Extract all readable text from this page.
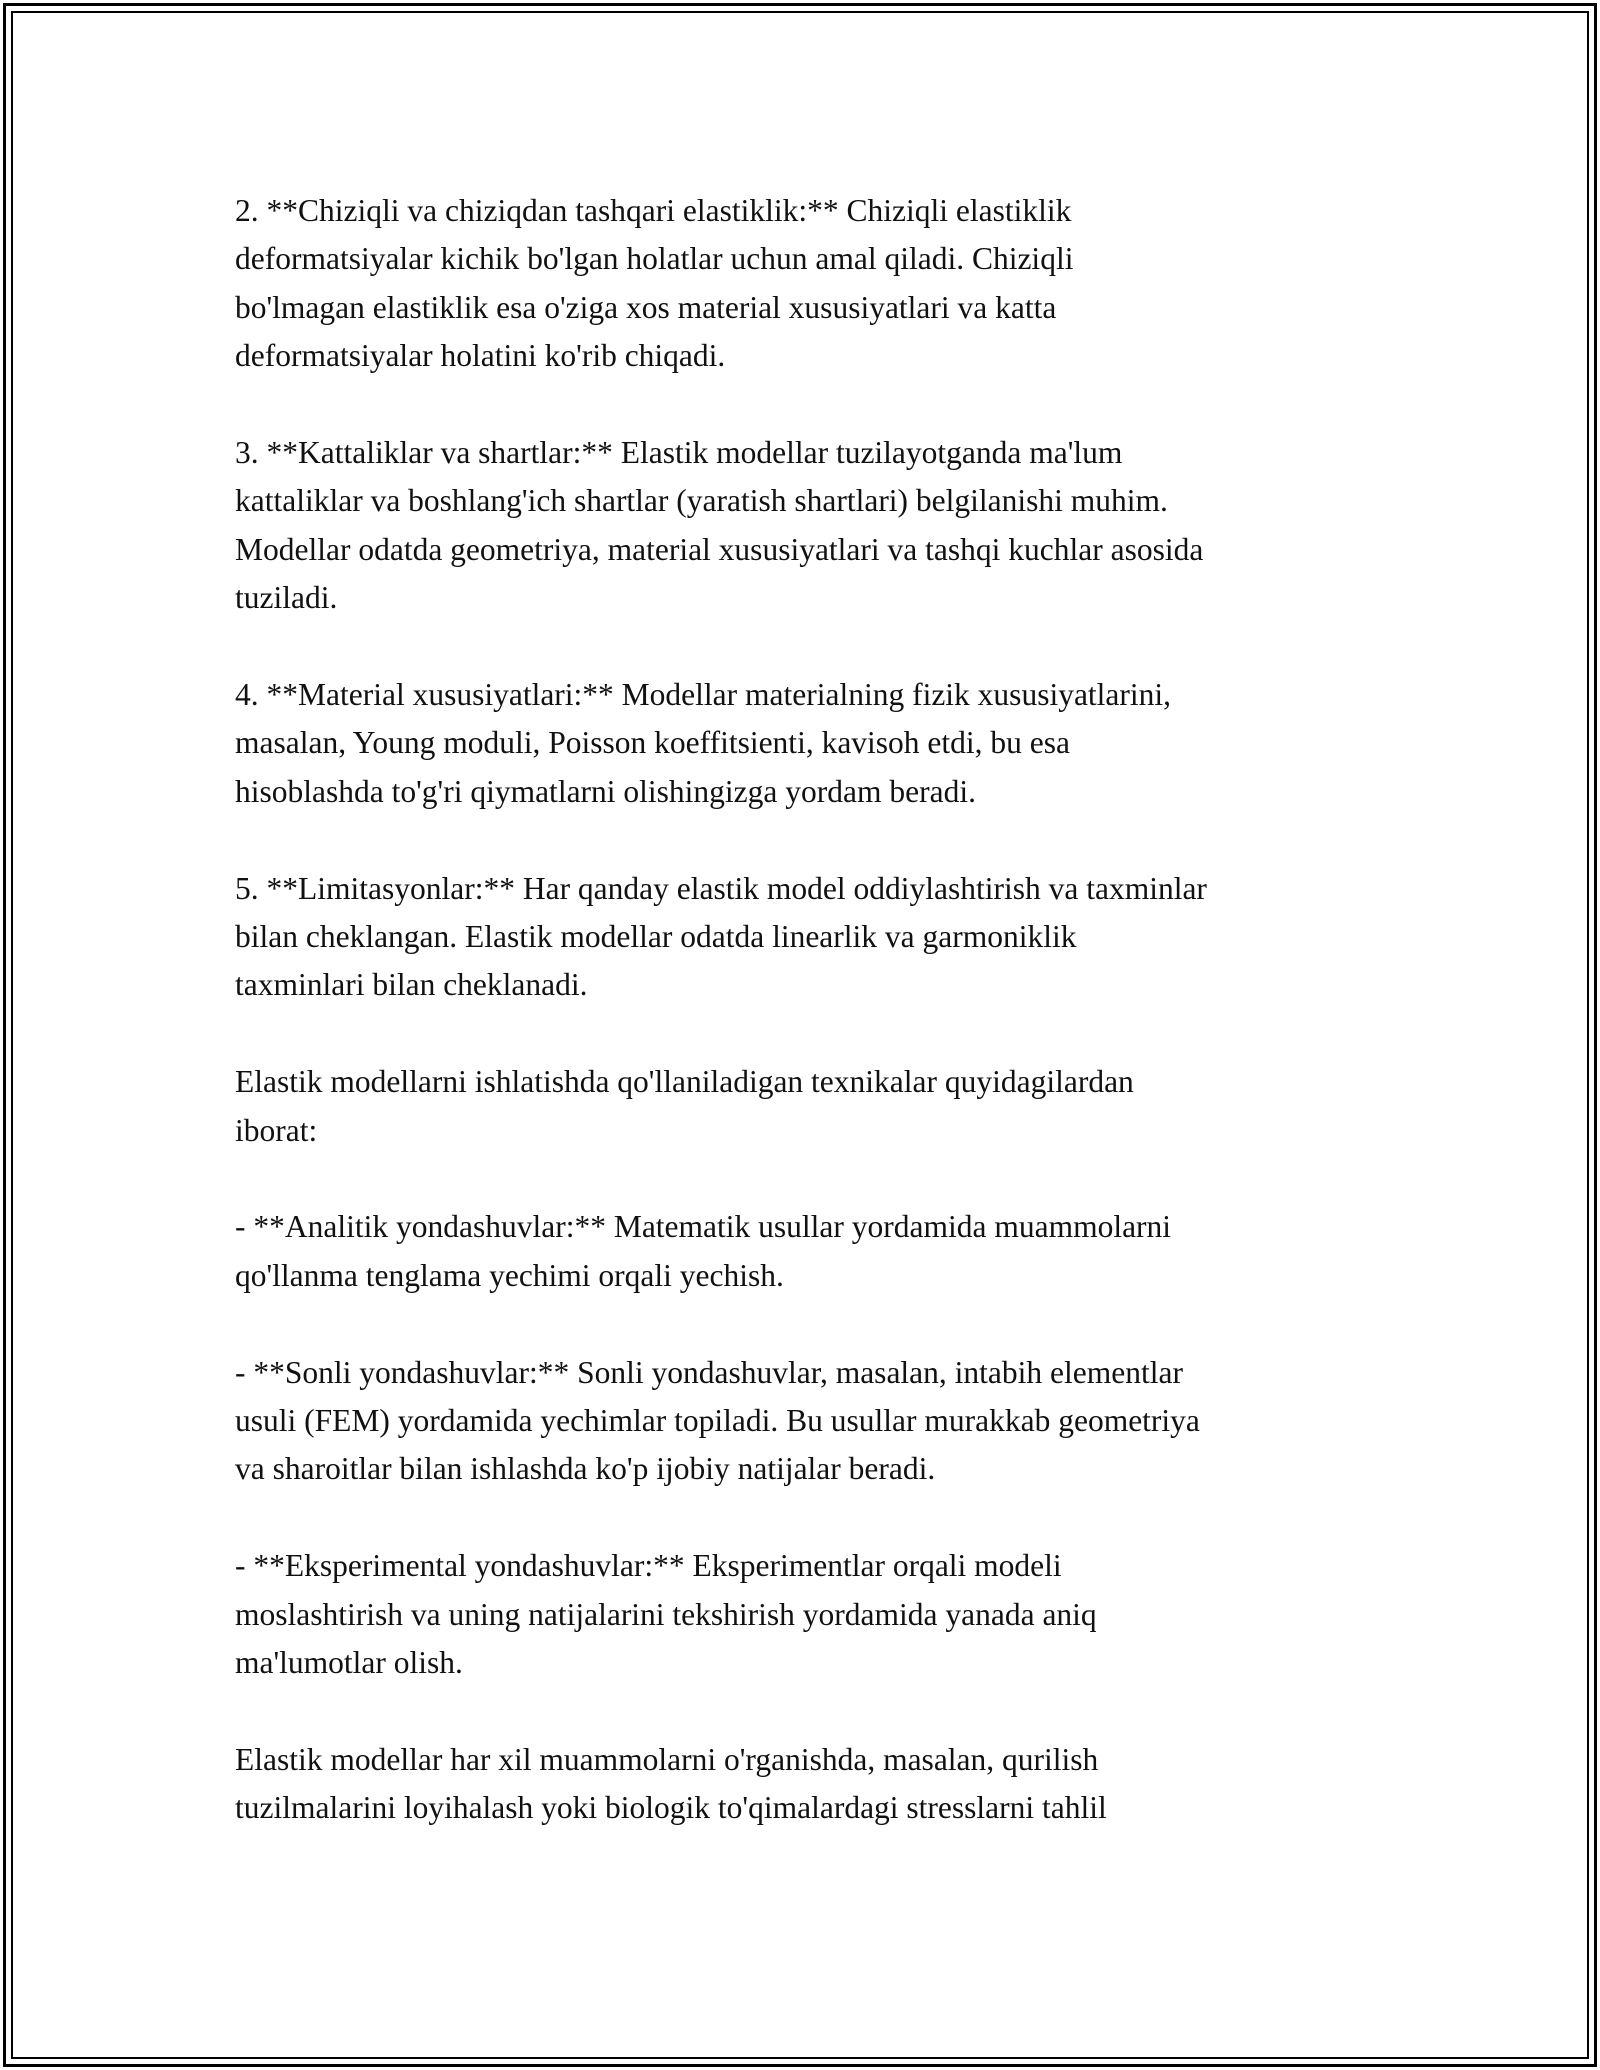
2. **Chiziqli va chiziqdan tashqari elastiklik:** Chiziqli elastiklik
deformatsiyalar kichik bo'lgan holatlar uchun amal qiladi. Chiziqli
bo'lmagan elastiklik esa o'ziga xos material xususiyatlari va katta
deformatsiyalar holatini ko'rib chiqadi.

3. **Kattaliklar va shartlar:** Elastik modellar tuzilayotganda ma'lum
kattaliklar va boshlang'ich shartlar (yaratish shartlari) belgilanishi muhim.
Modellar odatda geometriya, material xususiyatlari va tashqi kuchlar asosida
tuziladi.

4. **Material xususiyatlari:** Modellar materialning fizik xususiyatlarini,
masalan, Young moduli, Poisson koeffitsienti, kavisoh etdi, bu esa
hisoblashda to'g'ri qiymatlarni olishingizga yordam beradi.

5. **Limitasyonlar:** Har qanday elastik model oddiylashtirish va taxminlar
bilan cheklangan. Elastik modellar odatda linearlik va garmoniklik
taxminlari bilan cheklanadi.

Elastik modellarni ishlatishda qo'llaniladigan texnikalar quyidagilardan
iborat:

- **Analitik yondashuvlar:** Matematik usullar yordamida muammolarni
qo'llanma tenglama yechimi orqali yechish.

- **Sonli yondashuvlar:** Sonli yondashuvlar, masalan, intabih elementlar
usuli (FEM) yordamida yechimlar topiladi. Bu usullar murakkab geometriya
va sharoitlar bilan ishlashda ko'p ijobiy natijalar beradi.

- **Eksperimental yondashuvlar:** Eksperimentlar orqali modeli
moslashtirish va uning natijalarini tekshirish yordamida yanada aniq
ma'lumotlar olish.

Elastik modellar har xil muammolarni o'rganishda, masalan, qurilish
tuzilmalarini loyihalash yoki biologik to'qimalardagi stresslarni tahlil
